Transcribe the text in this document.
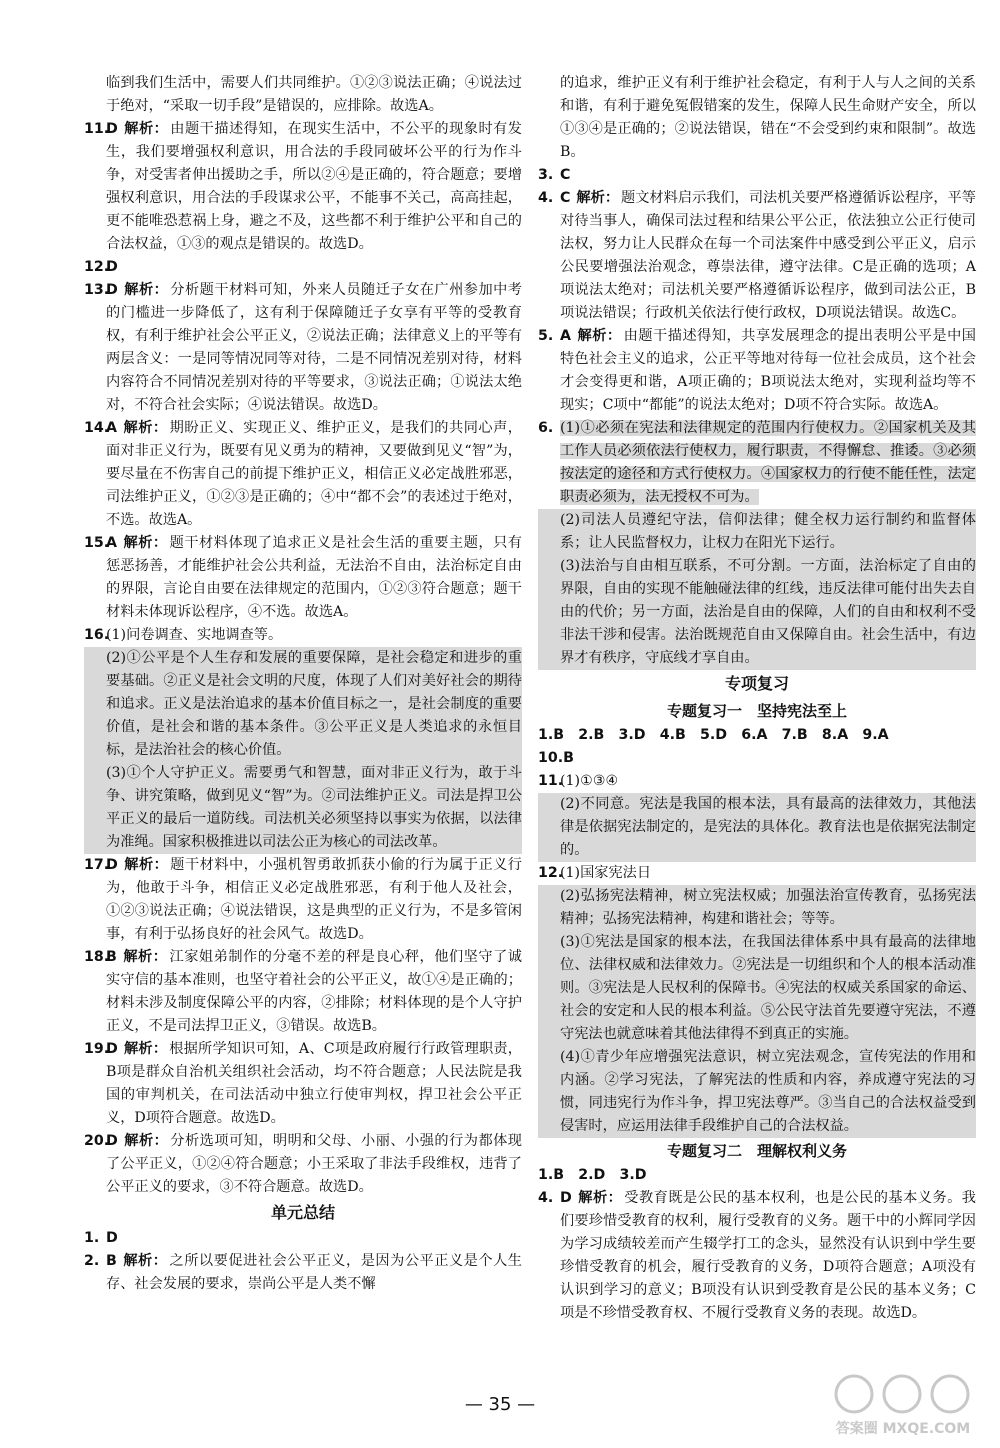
临到我们生活中，需要人们共同维护。①②③说法正确；④说法过于绝对，“采取一切手段”是错误的，应排除。故选A。
11.
D 解析： 由题干描述得知，在现实生活中，不公平的现象时有发生，我们要增强权利意识，用合法的手段同破坏公平的行为作斗争，对受害者伸出援助之手，所以②④是正确的，符合题意；要增强权利意识，用合法的手段谋求公平，不能事不关己，高高挂起，更不能唯恐惹祸上身，避之不及，这些都不利于维护公平和自己的合法权益，①③的观点是错误的。故选D。
12.
D
13.
D 解析： 分析题干材料可知，外来人员随迁子女在广州参加中考的门槛进一步降低了，这有利于保障随迁子女享有平等的受教育权，有利于维护社会公平正义，②说法正确；法律意义上的平等有两层含义：一是同等情况同等对待，二是不同情况差别对待，材料内容符合不同情况差别对待的平等要求，③说法正确；①说法太绝对，不符合社会实际；④说法错误。故选D。
14.
A 解析： 期盼正义、实现正义、维护正义，是我们的共同心声，面对非正义行为，既要有见义勇为的精神，又要做到见义“智”为，要尽量在不伤害自己的前提下维护正义，相信正义必定战胜邪恶，司法维护正义，①②③是正确的；④中“都不会”的表述过于绝对，不选。故选A。
15.
A 解析： 题干材料体现了追求正义是社会生活的重要主题，只有惩恶扬善，才能维护社会公共利益，无法治不自由，法治标定自由的界限，言论自由要在法律规定的范围内，①②③符合题意；题干材料未体现诉讼程序，④不选。故选A。
16.
(1)问卷调查、实地调查等。
(2)①公平是个人生存和发展的重要保障，是社会稳定和进步的重要基础。②正义是社会文明的尺度，体现了人们对美好社会的期待和追求。正义是法治追求的基本价值目标之一，是社会制度的重要价值，是社会和谐的基本条件。③公平正义是人类追求的永恒目标，是法治社会的核心价值。
(3)①个人守护正义。需要勇气和智慧，面对非正义行为，敢于斗争、讲究策略，做到见义“智”为。②司法维护正义。司法是捍卫公平正义的最后一道防线。司法机关必须坚持以事实为依据，以法律为准绳。国家积极推进以司法公正为核心的司法改革。
17.
D 解析： 题干材料中，小强机智勇敢抓获小偷的行为属于正义行为，他敢于斗争，相信正义必定战胜邪恶，有利于他人及社会，①②③说法正确；④说法错误，这是典型的正义行为，不是多管闲事，有利于弘扬良好的社会风气。故选D。
18.
B 解析： 江家姐弟制作的分毫不差的秤是良心秤，他们坚守了诚实守信的基本准则，也坚守着社会的公平正义，故①④是正确的；材料未涉及制度保障公平的内容，②排除；材料体现的是个人守护正义，不是司法捍卫正义，③错误。故选B。
19.
D 解析： 根据所学知识可知，A、C项是政府履行行政管理职责，B项是群众自治机关组织社会活动，均不符合题意；人民法院是我国的审判机关，在司法活动中独立行使审判权，捍卫社会公平正义，D项符合题意。故选D。
20.
D 解析： 分析选项可知，明明和父母、小丽、小强的行为都体现了公平正义，①②④符合题意；小王采取了非法手段维权，违背了公平正义的要求，③不符合题意。故选D。
单元总结
1. D
2. B 解析： 之所以要促进社会公平正义，是因为公平正义是个人生存、社会发展的要求，崇尚公平是人类不懈
的追求，维护正义有利于维护社会稳定，有利于人与人之间的关系和谐，有利于避免冤假错案的发生，保障人民生命财产安全，所以①③④是正确的；②说法错误，错在“不会受到约束和限制”。故选B。
3. C
4. C 解析： 题文材料启示我们，司法机关要严格遵循诉讼程序，平等对待当事人，确保司法过程和结果公平公正，依法独立公正行使司法权，努力让人民群众在每一个司法案件中感受到公平正义，启示公民要增强法治观念，尊崇法律，遵守法律。C是正确的选项；A项说法太绝对；司法机关要严格遵循诉讼程序，做到司法公正，B项说法错误；行政机关依法行使行政权，D项说法错误。故选C。
5. A 解析： 由题干描述得知，共享发展理念的提出表明公平是中国特色社会主义的追求，公正平等地对待每一位社会成员，这个社会才会变得更和谐，A项正确的；B项说法太绝对，实现利益均等不现实；C项中“都能”的说法太绝对；D项不符合实际。故选A。
6. (1)①必须在宪法和法律规定的范围内行使权力。②国家机关及其工作人员必须依法行使权力，履行职责，不得懈怠、推诿。③必须按法定的途径和方式行使权力。④国家权力的行使不能任性，法定职责必须为，法无授权不可为。
(2)司法人员遵纪守法，信仰法律；健全权力运行制约和监督体系；让人民监督权力，让权力在阳光下运行。
(3)法治与自由相互联系，不可分割。一方面，法治标定了自由的界限，自由的实现不能触碰法律的红线，违反法律可能付出失去自由的代价；另一方面，法治是自由的保障，人们的自由和权利不受非法干涉和侵害。法治既规范自由又保障自由。社会生活中，有边界才有秩序，守底线才享自由。
专项复习
专题复习一　坚持宪法至上
1.B　2.B　3.D　4.B　5.D　6.A　7.B　8.A　9.A
10.B
11.
(1)①③④
(2)不同意。宪法是我国的根本法，具有最高的法律效力，其他法律是依据宪法制定的，是宪法的具体化。教育法也是依据宪法制定的。
12.
(1)国家宪法日
(2)弘扬宪法精神，树立宪法权威；加强法治宣传教育，弘扬宪法精神；弘扬宪法精神，构建和谐社会；等等。
(3)①宪法是国家的根本法，在我国法律体系中具有最高的法律地位、法律权威和法律效力。②宪法是一切组织和个人的根本活动准则。③宪法是人民权利的保障书。④宪法的权威关系国家的命运、社会的安定和人民的根本利益。⑤公民守法首先要遵守宪法，不遵守宪法也就意味着其他法律得不到真正的实施。
(4)①青少年应增强宪法意识，树立宪法观念，宣传宪法的作用和内涵。②学习宪法，了解宪法的性质和内容，养成遵守宪法的习惯，同违宪行为作斗争，捍卫宪法尊严。③当自己的合法权益受到侵害时，应运用法律手段维护自己的合法权益。
专题复习二　理解权利义务
1.B　2.D　3.D
4. D 解析： 受教育既是公民的基本权利，也是公民的基本义务。我们要珍惜受教育的权利，履行受教育的义务。题干中的小辉同学因为学习成绩较差而产生辍学打工的念头，显然没有认识到中学生要珍惜受教育的机会，履行受教育的义务，D项符合题意；A项没有认识到学习的意义；B项没有认识到受教育是公民的基本义务；C项是不珍惜受教育权、不履行受教育义务的表现。故选D。
— 35 —
答案圈 MXQE.COM
